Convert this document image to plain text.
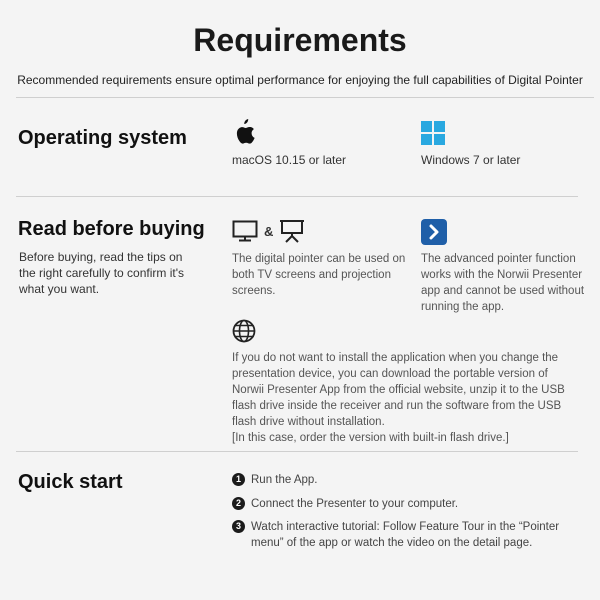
Requirements
Recommended requirements ensure optimal performance for enjoying the full capabilities of Digital Pointer
Operating system
macOS 10.15 or later	Windows 7 or later
Read before buying
Before buying, read the tips on the right carefully to confirm it's what you want.
&
The digital pointer can be used on both TV screens and projection screens.
The advanced pointer function works with the Norwii Presenter app and cannot be used without running the app.
If you do not want to install the application when you change the presentation device, you can download the portable version of Norwii Presenter App from the official website, unzip it to the USB flash drive inside the receiver and run the software from the USB flash drive without installation.
[In this case, order the version with built-in flash drive.]
Quick start	1 Run the App.
2 Connect the Presenter to your computer.
3 Watch interactive tutorial: Follow Feature Tour in the “Pointer menu” of the app or watch the video on the detail page.
